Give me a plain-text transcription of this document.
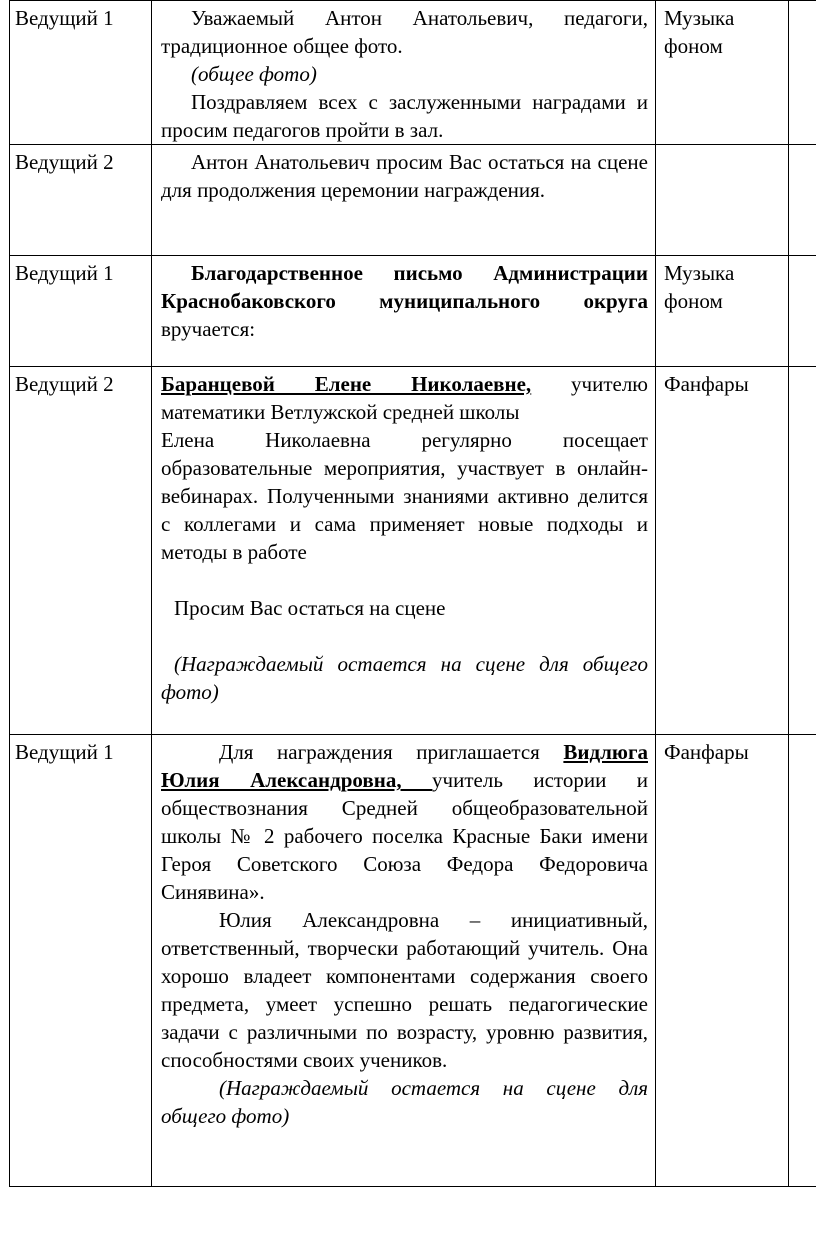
Ведущий 1	Уважаемый Антон Анатольевич, педагоги, традиционное общее фото.

(общее фото)

Поздравляем всех с заслуженными наградами и просим педагогов пройти в зал.	Музыка фоном	
Ведущий 2	Антон Анатольевич просим Вас остаться на сцене для продолжения церемонии награждения.		

Ведущий 1	Благодарственное письмо Администрации Краснобаковского муниципального округа вручается:	Музыка фоном	
Ведущий 2	Баранцевой Елене Николаевне, учителю математики Ветлужской средней школы

Елена Николаевна регулярно посещает образовательные мероприятия, участвует в онлайн-вебинарах. Полученными знаниями активно делится с коллегами и сама применяет новые подходы и методы в работе

Просим Вас остаться на сцене

(Награждаемый остается на сцене для общего фото)	Фанфары	
Ведущий 1	Для награждения приглашается Видлюга Юлия Александровна, учитель истории и обществознания Средней общеобразовательной школы № 2 рабочего поселка Красные Баки имени Героя Советского Союза Федора Федоровича Синявина».

Юлия Александровна – инициативный, ответственный, творчески работающий учитель. Она хорошо владеет компонентами содержания своего предмета, умеет успешно решать педагогические задачи с различными по возрасту, уровню развития, способностями своих учеников.

(Награждаемый остается на сцене для общего фото)	Фанфары	
